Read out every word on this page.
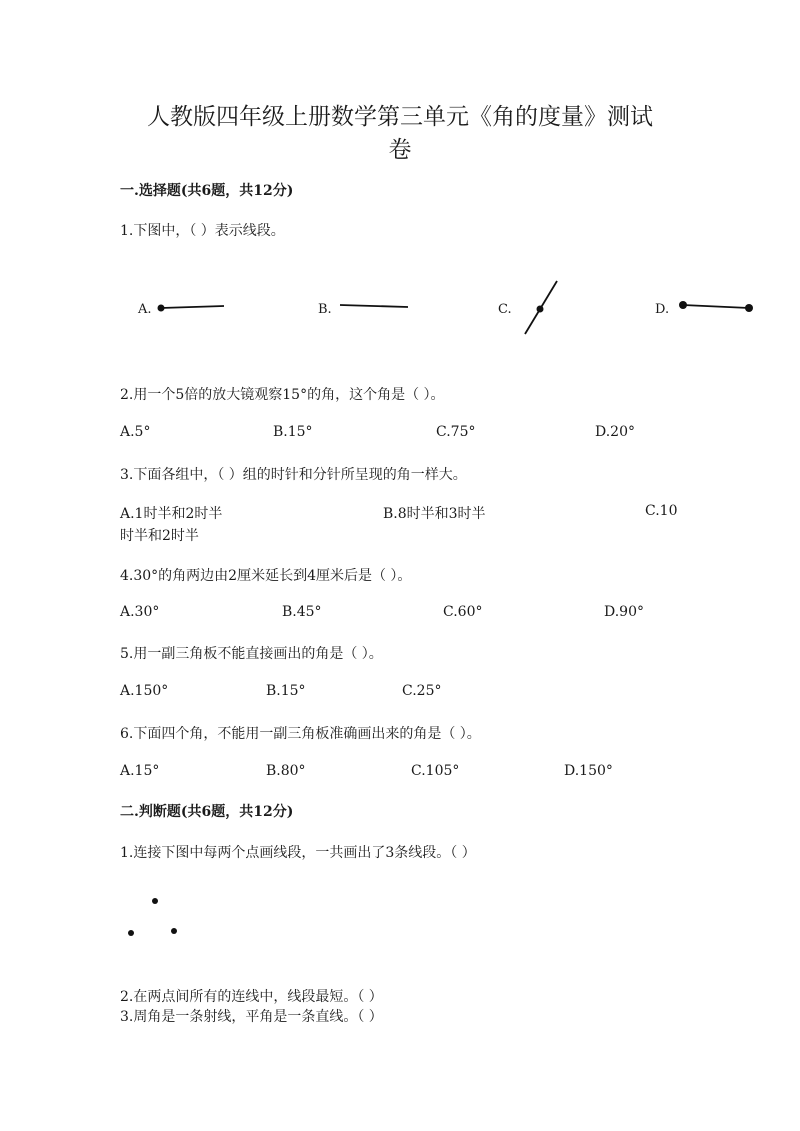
人教版四年级上册数学第三单元《角的度量》测试
卷
一.选择题(共6题，共12分)
1.下图中，（ ）表示线段。
A.	B.	C.	D.
2.用一个5倍的放大镜观察15°的角，这个角是（ ）。
A.5°	B.15°	C.75°	D.20°
3.下面各组中，（ ）组的时针和分针所呈现的角一样大。
A.1时半和2时半	B.8时半和3时半	C.10
时半和2时半
4.30°的角两边由2厘米延长到4厘米后是（ ）。
A.30°	B.45°	C.60°	D.90°
5.用一副三角板不能直接画出的角是（ ）。
A.150°	B.15°	C.25°
6.下面四个角，不能用一副三角板准确画出来的角是（ ）。
A.15°	B.80°	C.105°	D.150°
二.判断题(共6题，共12分)
1.连接下图中每两个点画线段，一共画出了3条线段。（ ）
2.在两点间所有的连线中，线段最短。（ ）
3.周角是一条射线，平角是一条直线。（ ）
